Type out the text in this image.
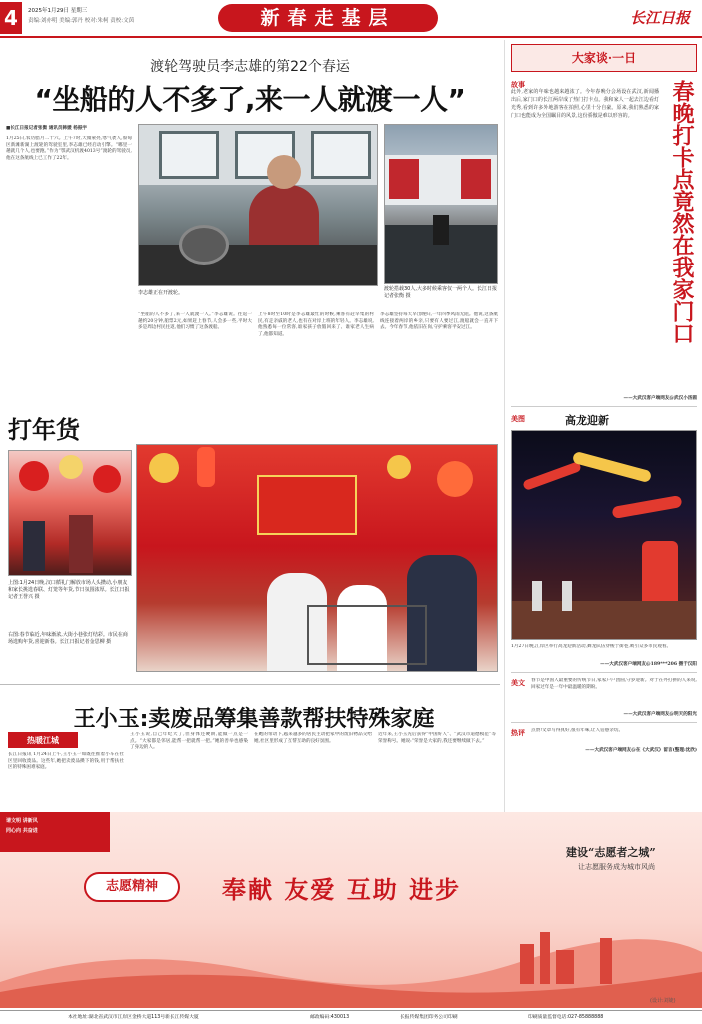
4	2025年1月29日 星期三
责编:刘亦明 美编:郭丹 校对:朱柯 责校:文茵	新春走基层	长江日报
渡轮驾驶员李志雄的第22个春运
“坐船的人不多了,来一人就渡一人”
■长江日报记者张衡 通讯员韩媛 杨振宇
1月25日,农历腊月二十六。上午7时,天微蒙亮,寒气袭人,蔡甸区新滩新湖上渡轮的驾驶室里,李志雄已经启动引擎。“哪里一趟就几个人,也要跑。”作为“鄂武汉机渡4013号”渡轮的驾驶员,他在这条航线上已工作了22年。
李志雄正在开渡轮。
渡轮搭载30人,大多时候乘客仅一两个人。长江日报记者张衡 摄
“坐船的人不多了,来一人就渡一人。”李志雄说。往返一趟约20分钟,船票2元,如果赶上春节,人会多一些,平时大多是周边村民往返,他们习惯了这条渡船。
上午8时至10时是李志雄最忙的时候,乘客有赶早集的村民,有走亲戚的老人,也有在对岸上班的年轻人。李志雄说,他熟悉每一位常客,谁家孩子放假回来了、谁家老人生病了,他都知道。
李志雄坚持每天早出晚归,一年四季风雨无阻。他说,这条航线连接着两岸的乡亲,只要有人要过江,渡船就会一直开下去。今年春节,他依旧在岗,守护乘客平安过江。
打年货
上图:1月24日晚,汉口循礼门解放市场人头攒动,小朋友和家长挑选春联、灯笼等年货,节日氛围浓厚。长江日报记者王誉兴 摄
右图:春节临近,年味渐浓,大街小巷张灯结彩。市民在商场选购年货,喜迎新春。长江日报记者金思柳 摄
王小玉:卖废品筹集善款帮扶特殊家庭
热暖江城
长江日报讯 1月24日上午,王小玉一如既往推着小车在社区里回收废品。这些年,她把卖废品攒下的钱,用于帮扶社区的特殊困难家庭。
王小玉说,自己年纪大了,但身体还硬朗,能做一点是一点。“大家都是邻居,能帮一把就帮一把。”她的善举也感染了身边的人。
在她的带动下,越来越多的居民主动把家中的废旧物品交给她,社区里形成了互帮互助的良好氛围。
近年来,王小玉先后获得“中国好人”、“武汉市道德模范”等荣誉称号。她说:“荣誉是大家的,我还要继续做下去。”
大家谈·一日
故事
此外,老家的年味也越来越浓了。今年春晚分会场设在武汉,新闻播出后,家门口的长江两岸成了热门打卡点。我和家人一起去江边看灯光秀,看到许多外地游客在拍照,心里十分自豪。原来,我们熟悉的家门口也能成为全国瞩目的风景,这份骄傲是难以形容的。	春晚打卡点竟然在我家门口
——大武汉客户端网友@武汉小汤圆
美图	高龙迎新
1月27日晚,江岸区举行高龙迎新活动,舞龙队伍穿梭于街巷,吸引众多市民观看。
——大武汉客户端网友@189***206 摄于汉阳
美文 春节是中国人最重要的传统节日,家家户户团圆,守岁迎新。对于在外打拼的人来说,回家过年是一年中最温暖的期盼。
——大武汉客户端网友@明天的阳光
热评 点赞!文章写得真好,很有年味,让人倍感亲切。
——大武汉客户端网友@在《大武汉》留言(整理:沈欣)
请文明 讲新风
同心向 共奋进
志愿精神	奉献 友爱 互助 进步
建设“志愿者之城”
让志愿服务成为城市风尚
(设计:刘婕)
本社地址:湖北省武汉市江岸区金桥大道113号新长江传媒大厦	邮政编码:430013	长报传媒集团印务公司印刷	印刷质量监督电话:027-85888888
